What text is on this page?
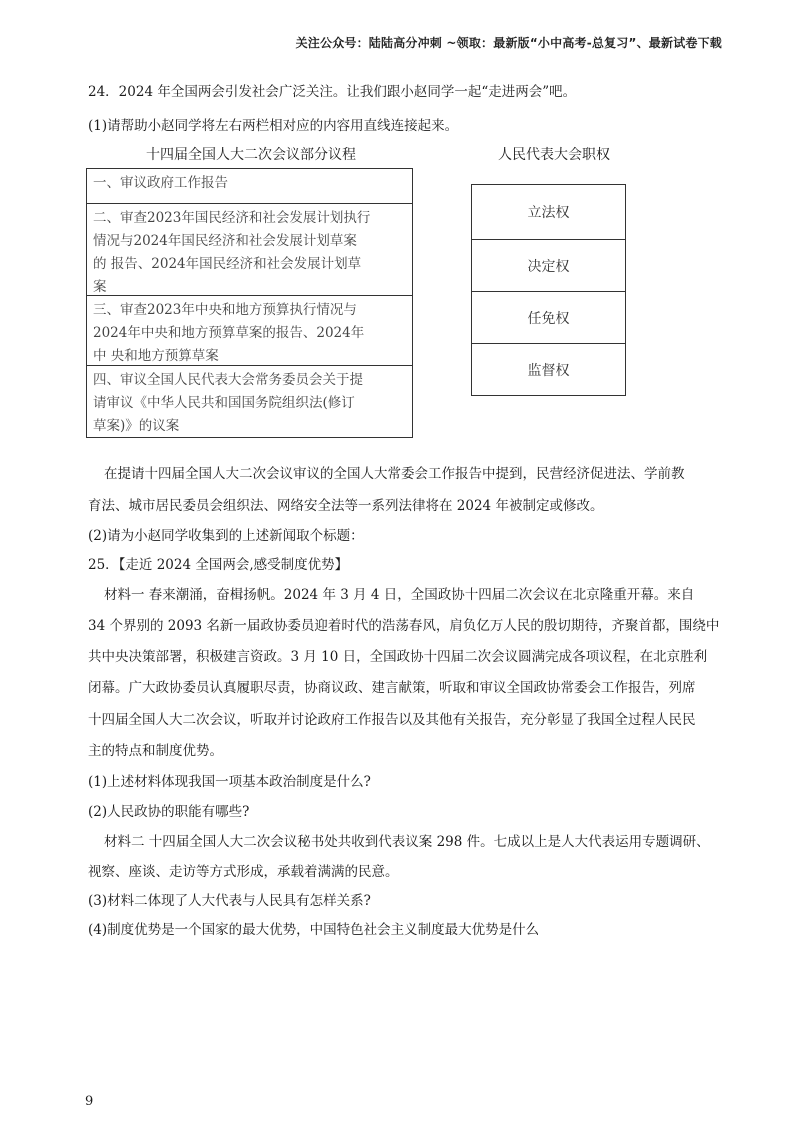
关注公众号：陆陆高分冲刺 ~领取：最新版“小中高考-总复习”、最新试卷下载
24．2024 年全国两会引发社会广泛关注。让我们跟小赵同学一起“走进两会”吧。
(1)请帮助小赵同学将左右两栏相对应的内容用直线连接起来。
十四届全国人大二次会议部分议程	人民代表大会职权
一、审议政府工作报告
二、审查2023年国民经济和社会发展计划执行
情况与2024年国民经济和社会发展计划草案
的 报告、2024年国民经济和社会发展计划草
案
三、审查2023年中央和地方预算执行情况与
2024年中央和地方预算草案的报告、2024年
中 央和地方预算草案
四、审议全国人民代表大会常务委员会关于提
请审议《中华人民共和国国务院组织法(修订
草案)》的议案
立法权
决定权
任免权
监督权
在提请十四届全国人大二次会议审议的全国人大常委会工作报告中提到，民营经济促进法、学前教
育法、城市居民委员会组织法、网络安全法等一系列法律将在 2024 年被制定或修改。
(2)请为小赵同学收集到的上述新闻取个标题：
25．【走近 2024 全国两会,感受制度优势】
材料一 春来潮涌，奋楫扬帆。2024 年 3 月 4 日，全国政协十四届二次会议在北京隆重开幕。来自
34 个界别的 2093 名新一届政协委员迎着时代的浩荡春风，肩负亿万人民的殷切期待，齐聚首都，围绕中
共中央决策部署，积极建言资政。3 月 10 日，全国政协十四届二次会议圆满完成各项议程，在北京胜利
闭幕。广大政协委员认真履职尽责，协商议政、建言献策，听取和审议全国政协常委会工作报告，列席
十四届全国人大二次会议，听取并讨论政府工作报告以及其他有关报告，充分彰显了我国全过程人民民
主的特点和制度优势。
(1)上述材料体现我国一项基本政治制度是什么?
(2)人民政协的职能有哪些?
材料二 十四届全国人大二次会议秘书处共收到代表议案 298 件。七成以上是人大代表运用专题调研、
视察、座谈、走访等方式形成，承载着满满的民意。
(3)材料二体现了人大代表与人民具有怎样关系?
(4)制度优势是一个国家的最大优势，中国特色社会主义制度最大优势是什么
9
